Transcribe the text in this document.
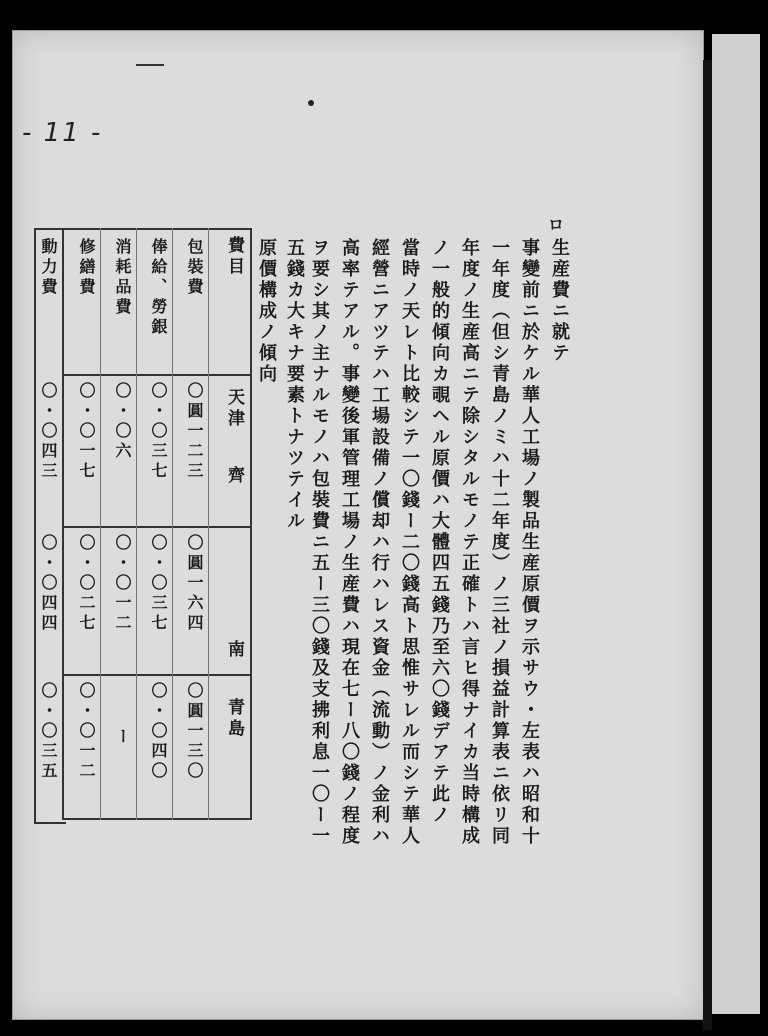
- 11 -
ロ
生産費ニ就テ
事變前ニ於ケル華人工場ノ製品生産原價ヲ示サウ・左表ハ昭和十
一年度（但シ青島ノミハ十二年度）ノ三社ノ損益計算表ニ依リ同
年度ノ生産高ニテ除シタルモノテ正確トハ言ヒ得ナイカ当時構成
ノ一般的傾向カ覗ヘル原價ハ大體四五錢乃至六〇錢デアテ此ノ
當時ノ天レト比較シテ一〇錢ー二〇錢高ト思惟サレル而シテ華人
經營ニアツテハ工場設備ノ償却ハ行ハレス資金（流動）ノ金利ハ
高率テアル。事變後軍管理工場ノ生産費ハ現在七ー八〇錢ノ程度
ヲ要シ其ノ主ナルモノハ包裝費ニ五ー三〇錢及支拂利息一〇ー一
五錢カ大キナ要素トナツテイル
原價構成ノ傾向
費目
天津
齊
南
青島
包裝費
〇圓一二三
〇圓一六四
〇圓一三〇
俸給、勞銀
〇・〇三七
〇・〇三七
〇・〇四〇
消耗品費
〇・〇六
〇・〇一二
ー
修繕費
〇・〇一七
〇・〇二七
〇・〇一二
動力費
〇・〇四三
〇・〇四四
〇・〇三五
